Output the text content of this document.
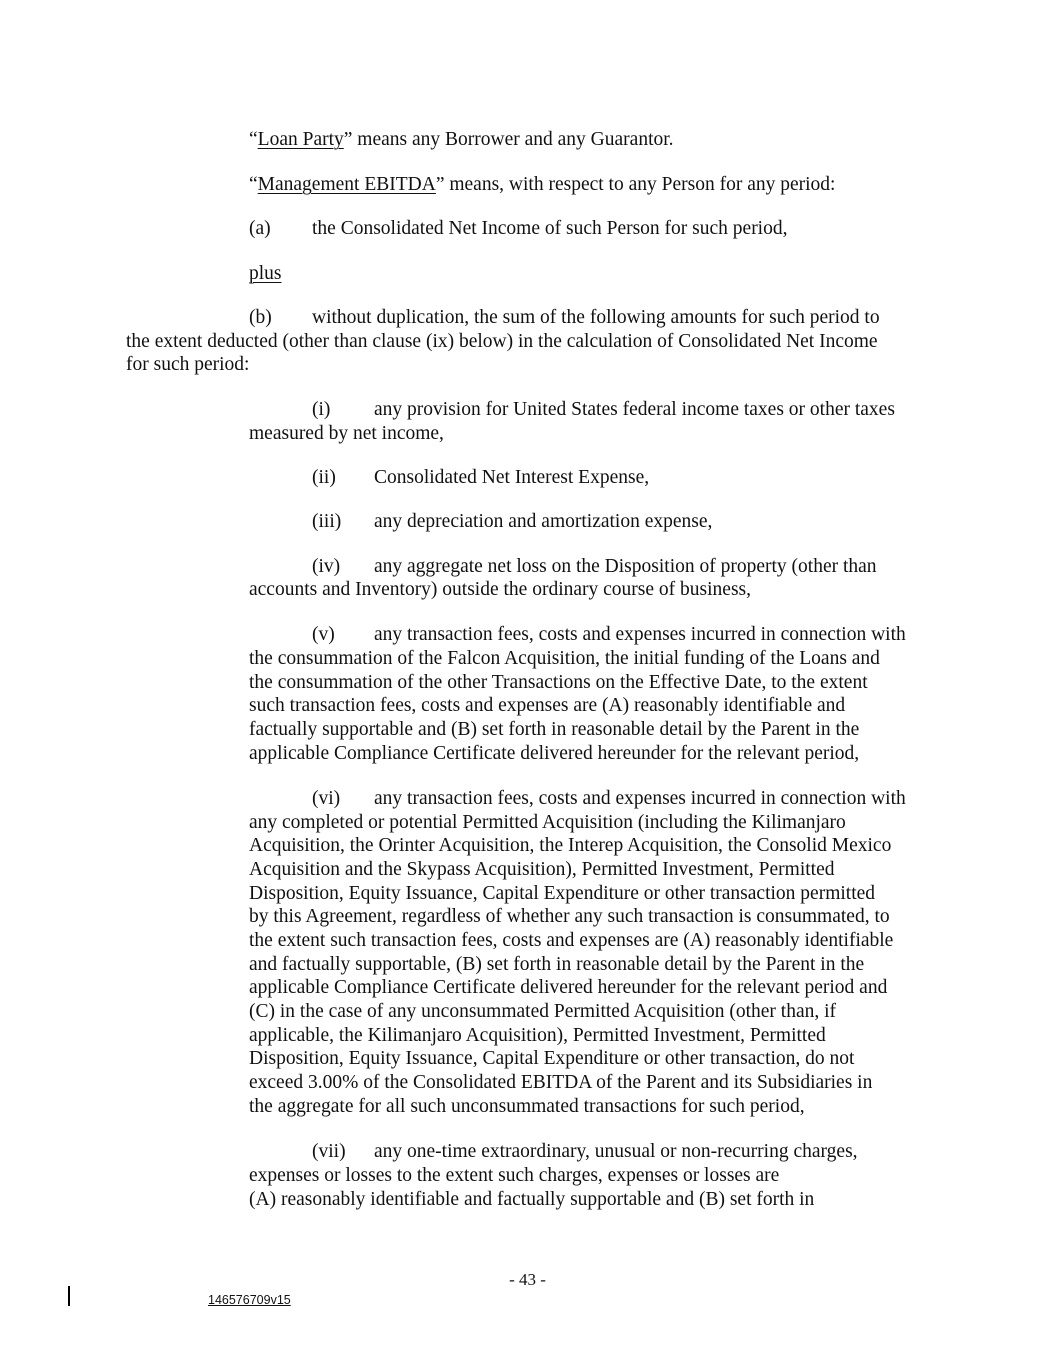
“Loan Party” means any Borrower and any Guarantor.
“Management EBITDA” means, with respect to any Person for any period:
(a) the Consolidated Net Income of such Person for such period,
plus
(b) without duplication, the sum of the following amounts for such period to
the extent deducted (other than clause (ix) below) in the calculation of Consolidated Net Income
for such period:
(i) any provision for United States federal income taxes or other taxes
measured by net income,
(ii) Consolidated Net Interest Expense,
(iii) any depreciation and amortization expense,
(iv) any aggregate net loss on the Disposition of property (other than
accounts and Inventory) outside the ordinary course of business,
(v) any transaction fees, costs and expenses incurred in connection with
the consummation of the Falcon Acquisition, the initial funding of the Loans and
the consummation of the other Transactions on the Effective Date, to the extent
such transaction fees, costs and expenses are (A) reasonably identifiable and
factually supportable and (B) set forth in reasonable detail by the Parent in the
applicable Compliance Certificate delivered hereunder for the relevant period,
(vi) any transaction fees, costs and expenses incurred in connection with
any completed or potential Permitted Acquisition (including the Kilimanjaro
Acquisition, the Orinter Acquisition, the Interep Acquisition, the Consolid Mexico
Acquisition and the Skypass Acquisition), Permitted Investment, Permitted
Disposition, Equity Issuance, Capital Expenditure or other transaction permitted
by this Agreement, regardless of whether any such transaction is consummated, to
the extent such transaction fees, costs and expenses are (A) reasonably identifiable
and factually supportable, (B) set forth in reasonable detail by the Parent in the
applicable Compliance Certificate delivered hereunder for the relevant period and
(C) in the case of any unconsummated Permitted Acquisition (other than, if
applicable, the Kilimanjaro Acquisition), Permitted Investment, Permitted
Disposition, Equity Issuance, Capital Expenditure or other transaction, do not
exceed 3.00% of the Consolidated EBITDA of the Parent and its Subsidiaries in
the aggregate for all such unconsummated transactions for such period,
(vii) any one-time extraordinary, unusual or non-recurring charges,
expenses or losses to the extent such charges, expenses or losses are
(A) reasonably identifiable and factually supportable and (B) set forth in
- 43 -
146576709v15
